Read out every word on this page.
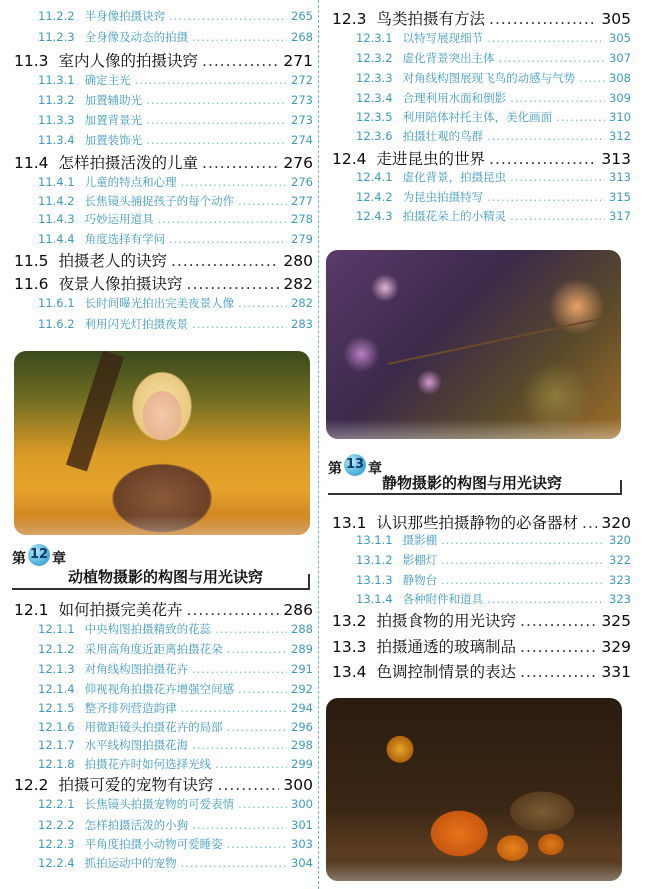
11.2.2 半身像拍摄诀窍 .....	265
11.2.3 全身像及动态的拍摄 .....	268
11.3 室内人像的拍摄诀窍 .....	271
11.3.1 确定主光 .....	272
11.3.2 加置辅助光 .....	273
11.3.3 加置背景光 .....	273
11.3.4 加置装饰光 .....	274
11.4 怎样拍摄活泼的儿童 .....	276
11.4.1 儿童的特点和心理 .....	276
11.4.2 长焦镜头捕捉孩子的每个动作 .....	277
11.4.3 巧妙运用道具 .....	278
11.4.4 角度选择有学问 .....	279
11.5 拍摄老人的诀窍 .....	280
11.6 夜景人像拍摄诀窍 .....	282
11.6.1 长时间曝光拍出完美夜景人像 .....	282
11.6.2 利用闪光灯拍摄夜景 .....	283
12.1 如何拍摄完美花卉 .....	286
12.1.1 中央构图拍摄精致的花蕊 .....	288
12.1.2 采用高角度近距离拍摄花朵 .....	289
12.1.3 对角线构图拍摄花卉 .....	291
12.1.4 仰视视角拍摄花卉增强空间感 .....	292
12.1.5 整齐排列营造韵律 .....	294
12.1.6 用微距镜头拍摄花卉的局部 .....	296
12.1.7 水平线构图拍摄花海 .....	298
12.1.8 拍摄花卉时如何选择光线 .....	299
12.2 拍摄可爱的宠物有诀窍 .....	300
12.2.1 长焦镜头拍摄宠物的可爱表情 .....	300
12.2.2 怎样拍摄活泼的小狗 .....	301
12.2.3 平角度拍摄小动物可爱睡姿 .....	303
12.2.4 抓拍运动中的宠物 .....	304
第 12 章
动植物摄影的构图与用光诀窍
12.3 鸟类拍摄有方法 .....	305
12.3.1 以特写展现细节 .....	305
12.3.2 虚化背景突出主体 .....	307
12.3.3 对角线构图展现飞鸟的动感与气势 .....	308
12.3.4 合理利用水面和倒影 .....	309
12.3.5 利用陪体衬托主体，美化画面 .....	310
12.3.6 拍摄壮观的鸟群 .....	312
12.4 走进昆虫的世界 .....	313
12.4.1 虚化背景，拍摄昆虫 .....	313
12.4.2 为昆虫拍摄特写 .....	315
12.4.3 拍摄花朵上的小精灵 .....	317
13.1 认识那些拍摄静物的必备器材 ..... 320
13.1.1 摄影棚 .....	320
13.1.2 影棚灯 .....	322
13.1.3 静物台 .....	323
13.1.4 各种附件和道具 .....	323
13.2 拍摄食物的用光诀窍 .....	325
13.3 拍摄通透的玻璃制品 .....	329
13.4 色调控制情景的表达 .....	331
第 13 章
静物摄影的构图与用光诀窍
